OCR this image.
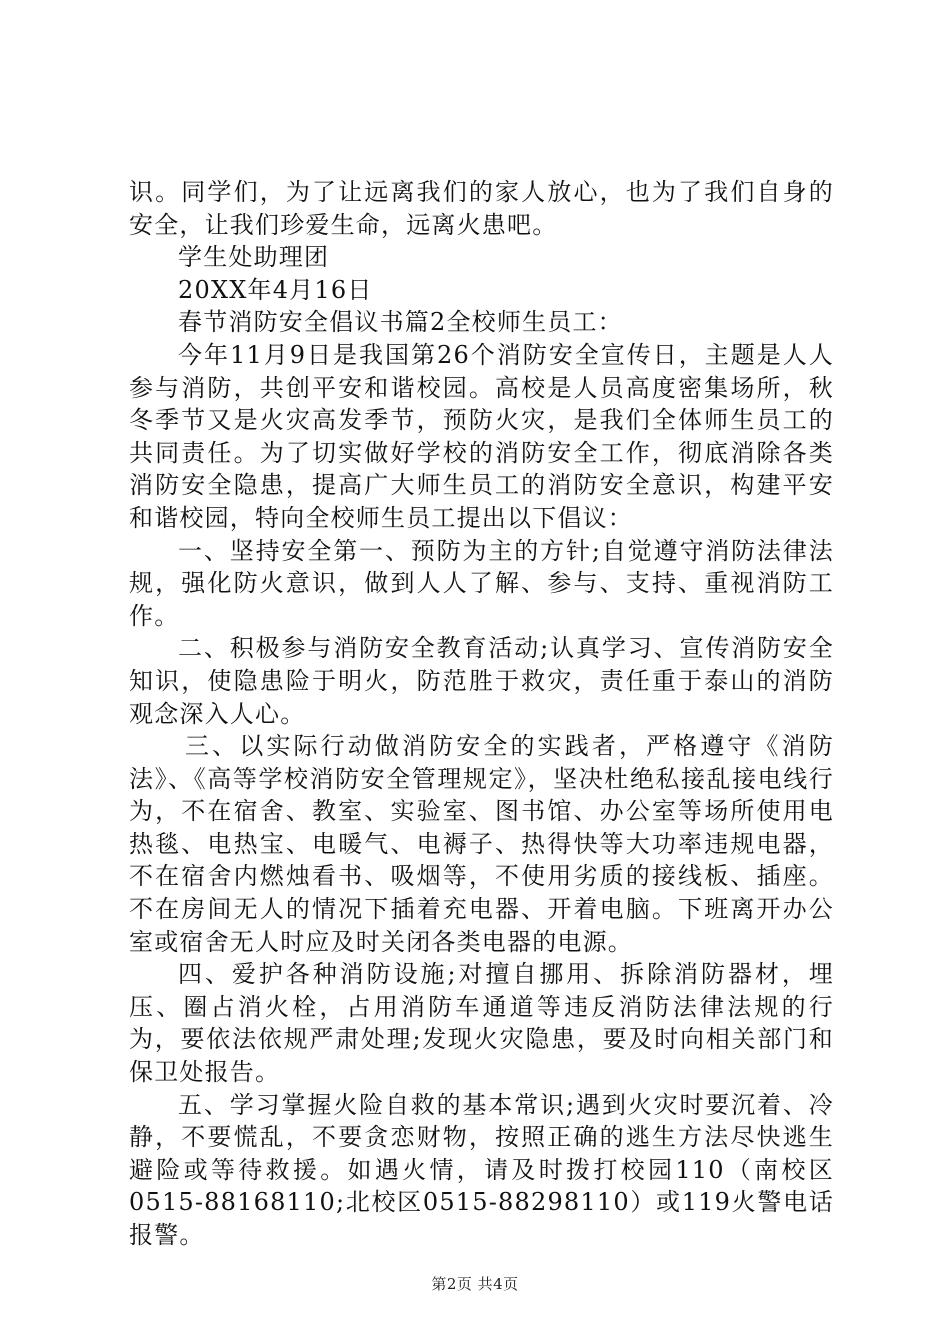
识。同学们，为了让远离我们的家人放心，也为了我们自身的安全，让我们珍爱生命，远离火患吧。

学生处助理团

20XX年4月16日

春节消防安全倡议书篇2全校师生员工：

今年11月9日是我国第26个消防安全宣传日，主题是人人参与消防，共创平安和谐校园。高校是人员高度密集场所，秋冬季节又是火灾高发季节，预防火灾，是我们全体师生员工的共同责任。为了切实做好学校的消防安全工作，彻底消除各类消防安全隐患，提高广大师生员工的消防安全意识，构建平安和谐校园，特向全校师生员工提出以下倡议：

一、坚持安全第一、预防为主的方针;自觉遵守消防法律法规，强化防火意识，做到人人了解、参与、支持、重视消防工作。

二、积极参与消防安全教育活动;认真学习、宣传消防安全知识，使隐患险于明火，防范胜于救灾，责任重于泰山的消防观念深入人心。

三、以实际行动做消防安全的实践者，严格遵守《消防法》、《高等学校消防安全管理规定》，坚决杜绝私接乱接电线行为，不在宿舍、教室、实验室、图书馆、办公室等场所使用电热毯、电热宝、电暖气、电褥子、热得快等大功率违规电器，不在宿舍内燃烛看书、吸烟等，不使用劣质的接线板、插座。不在房间无人的情况下插着充电器、开着电脑。下班离开办公室或宿舍无人时应及时关闭各类电器的电源。

四、爱护各种消防设施;对擅自挪用、拆除消防器材，埋压、圈占消火栓，占用消防车通道等违反消防法律法规的行为，要依法依规严肃处理;发现火灾隐患，要及时向相关部门和保卫处报告。

五、学习掌握火险自救的基本常识;遇到火灾时要沉着、冷静，不要慌乱，不要贪恋财物，按照正确的逃生方法尽快逃生避险或等待救援。如遇火情，请及时拨打校园110（南校区0515-88168110;北校区0515-88298110）或119火警电话报警。

第2页 共4页
